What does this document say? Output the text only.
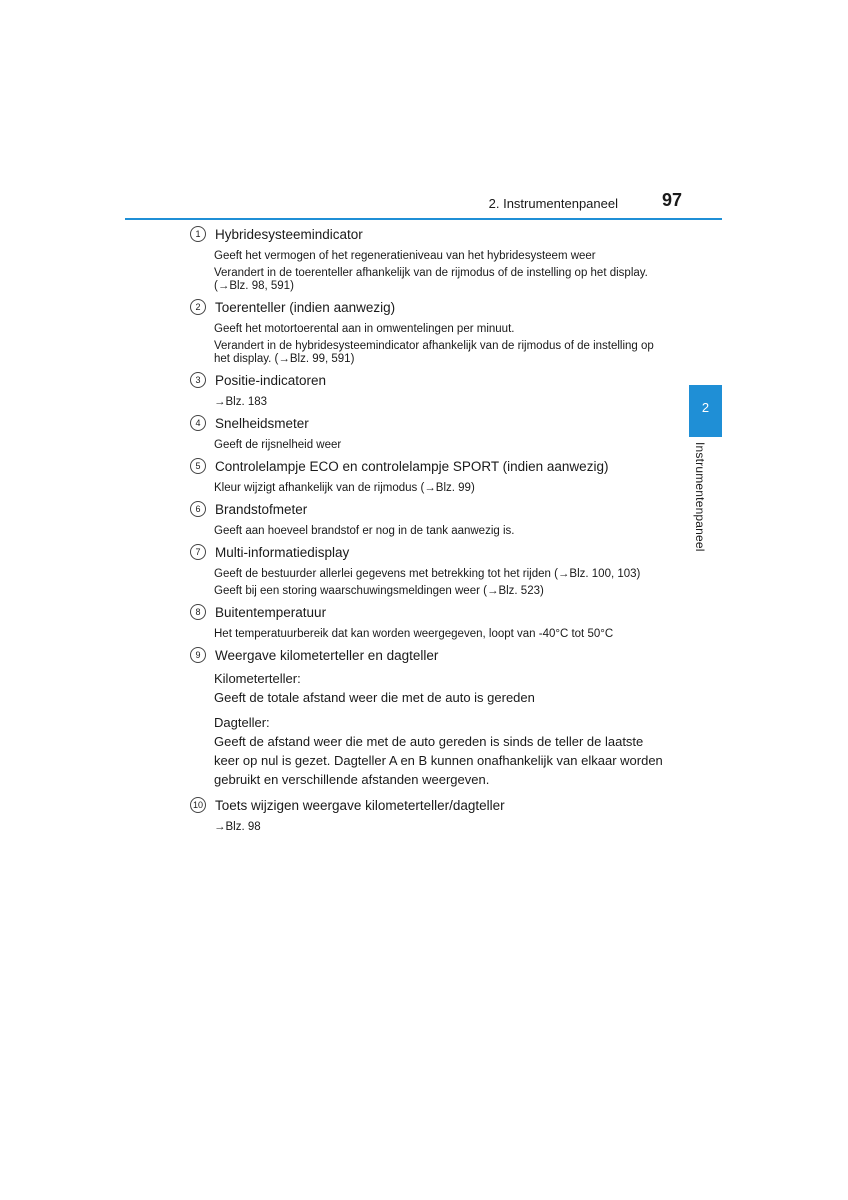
2. Instrumentenpaneel 97
2
Instrumentenpaneel
1	Hybridesysteemindicator

Geeft het vermogen of het regeneratieniveau van het hybridesysteem weer

Verandert in de toerenteller afhankelijk van de rijmodus of de instelling op het display. (→Blz. 98, 591)

2	Toerenteller (indien aanwezig)

Geeft het motortoerental aan in omwentelingen per minuut.

Verandert in de hybridesysteemindicator afhankelijk van de rijmodus of de instelling op het display. (→Blz. 99, 591)

3	Positie-indicatoren

→Blz. 183

4	Snelheidsmeter

Geeft de rijsnelheid weer

5	Controlelampje ECO en controlelampje SPORT (indien aanwezig)

Kleur wijzigt afhankelijk van de rijmodus (→Blz. 99)

6	Brandstofmeter

Geeft aan hoeveel brandstof er nog in de tank aanwezig is.

7	Multi-informatiedisplay

Geeft de bestuurder allerlei gegevens met betrekking tot het rijden (→Blz. 100, 103)

Geeft bij een storing waarschuwingsmeldingen weer (→Blz. 523)

8	Buitentemperatuur

Het temperatuurbereik dat kan worden weergegeven, loopt van -40°C tot 50°C

9	Weergave kilometerteller en dagteller

Kilometerteller:
Geeft de totale afstand weer die met de auto is gereden

Dagteller:
Geeft de afstand weer die met de auto gereden is sinds de teller de laatste keer op nul is gezet. Dagteller A en B kunnen onafhankelijk van elkaar worden gebruikt en verschillende afstanden weergeven.

10 Toets wijzigen weergave kilometerteller/dagteller

→Blz. 98
